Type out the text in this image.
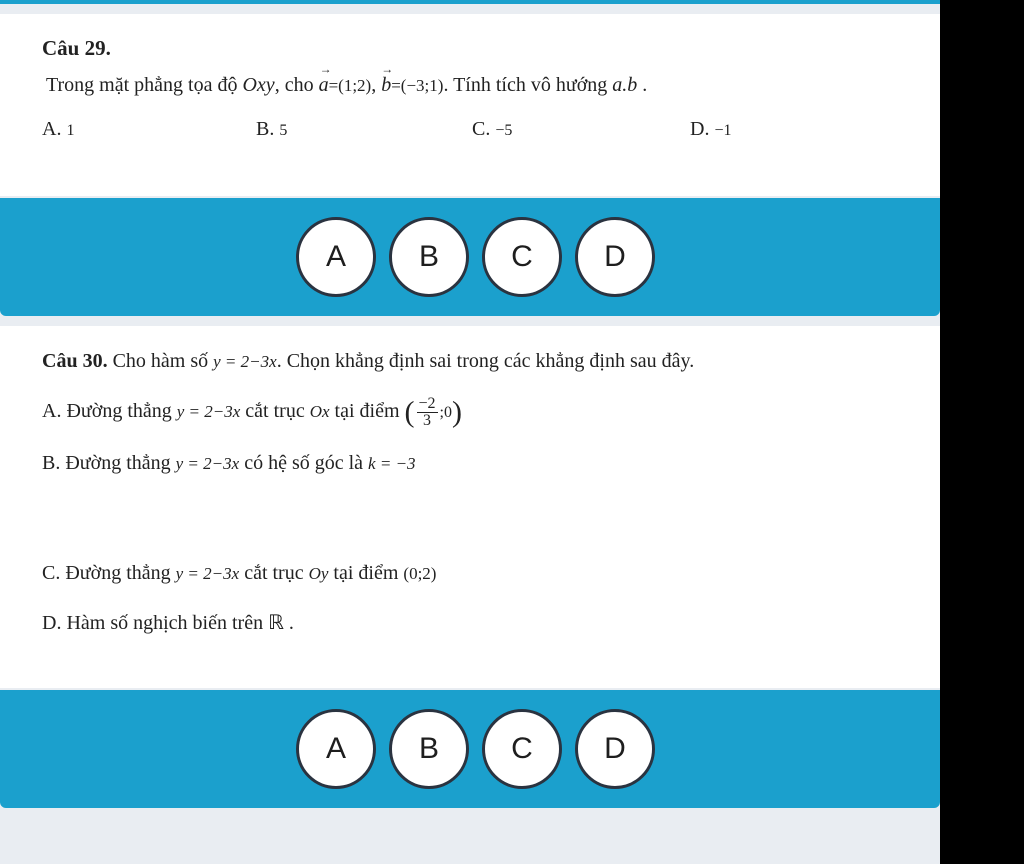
Câu 29.
Trong mặt phẳng tọa độ Oxy, cho a
→
=(1;2), b
→
=(−3;1). Tính tích vô hướng a.b .
A. 1	B. 5	C. −5	D. −1
A	B	C	D
Câu 30. Cho hàm số y = 2−3x. Chọn khẳng định sai trong các khẳng định sau đây.
A. Đường thẳng y = 2−3x cắt trục Ox tại điểm ( $\frac{-2}{3}$ ;0)
B. Đường thẳng y = 2−3x có hệ số góc là k = −3
C. Đường thẳng y = 2−3x cắt trục Oy tại điểm (0;2)
D. Hàm số nghịch biến trên ℝ .
A	B	C	D
